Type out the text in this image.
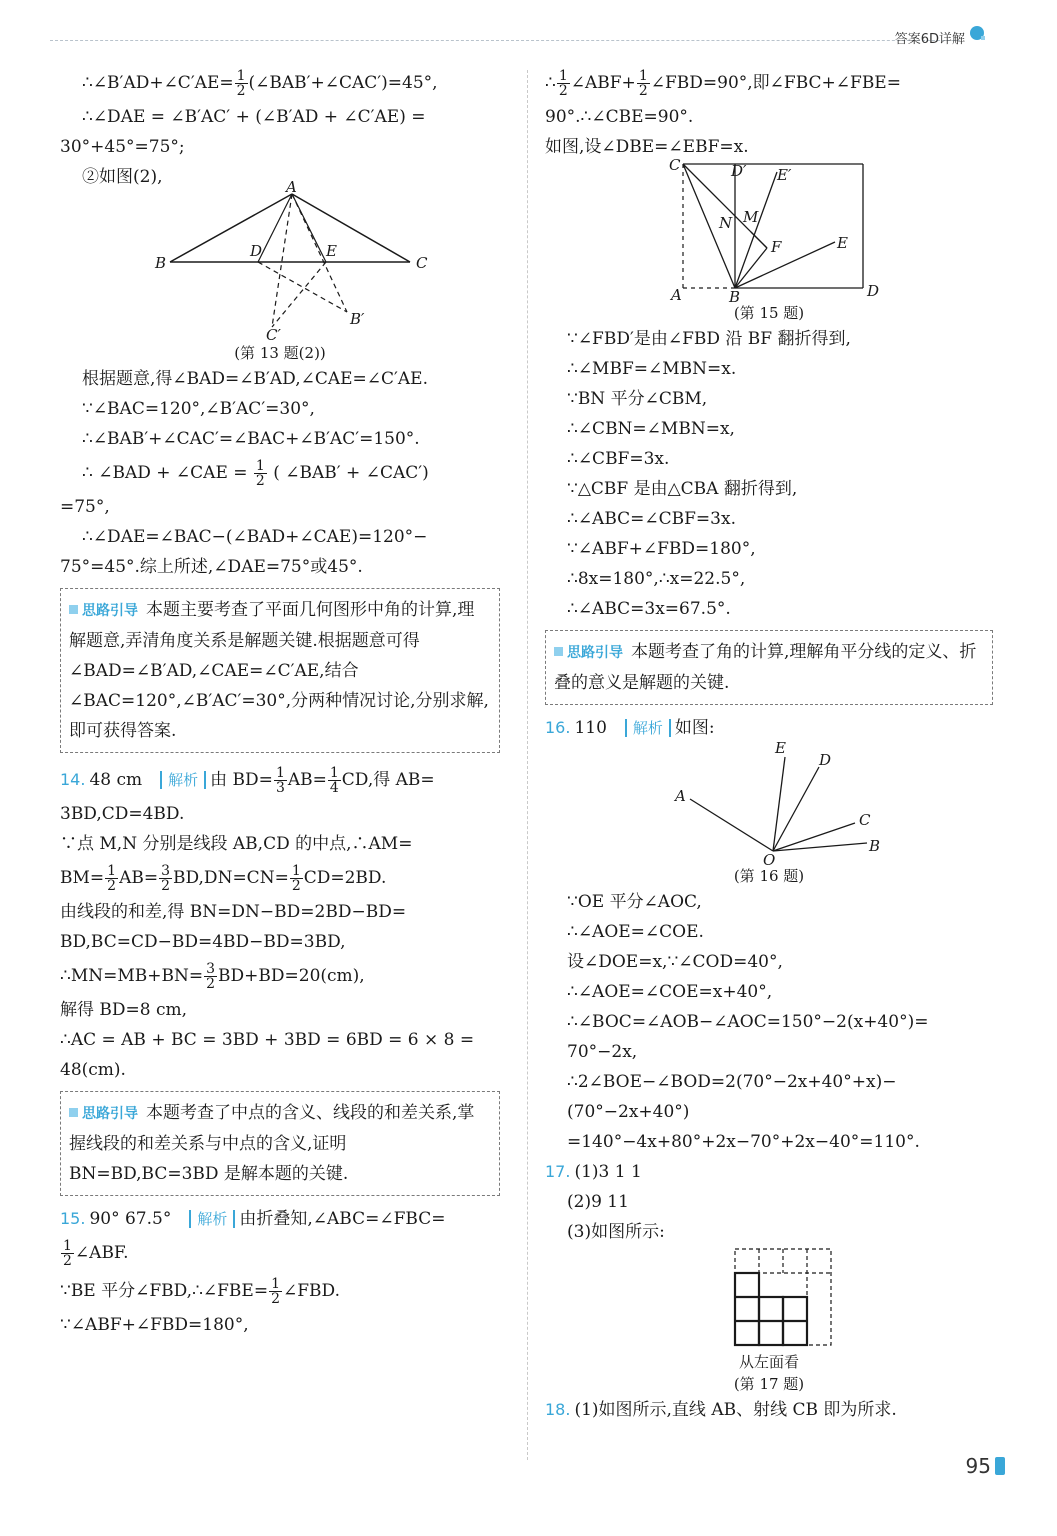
答案6D详解
∴∠B′AD+∠C′AE= $\frac{1}{2}$ (∠BAB′+∠CAC′)=45°,
∴∠DAE = ∠B′AC′ + (∠B′AD + ∠C′AE) =
30°+45°=75°;
②如图(2),	A
B	C
D	E
B′
C′
(第 13 题(2))
根据题意,得∠BAD=∠B′AD,∠CAE=∠C′AE.
∵∠BAC=120°,∠B′AC′=30°,
∴∠BAB′+∠CAC′=∠BAC+∠B′AC′=150°.
∴ ∠BAD + ∠CAE = $\frac{1}{2}$ ( ∠BAB′ + ∠CAC′)
=75°,
∴∠DAE=∠BAC−(∠BAD+∠CAE)=120°−
75°=45°.综上所述,∠DAE=75°或45°.
思路引导 本题主要考查了平面几何图形中角的计算,理解题意,弄清角度关系是解题关键.根据题意可得∠BAD=∠B′AD,∠CAE=∠C′AE,结合∠BAC=120°,∠B′AC′=30°,分两种情况讨论,分别求解,即可获得答案.
14. 48 cm 解析 由 $BD= \frac{1}{3} AB= \frac{1}{4}$ CD,得 AB=
3BD,CD=4BD.
∵点 M,N 分别是线段 AB,CD 的中点,∴AM=
$BM= \frac{1}{2} AB= \frac{3}{2} BD,DN=CN= \frac{1}{2} CD=2BD$.
由线段的和差,得 BN=DN−BD=2BD−BD=
BD,BC=CD−BD=4BD−BD=3BD,
∴MN=MB+BN= $\frac{3}{2} BD+BD=20(cm)$,
解得 BD=8 cm,
∴AC = AB + BC = 3BD + 3BD = 6BD = 6 × 8 =
48(cm).
思路引导 本题考查了中点的含义、线段的和差关系,掌握线段的和差关系与中点的含义,证明 BN=BD,BC=3BD 是解本题的关键.
15. 90° 67.5° 解析 由折叠知,∠ABC=∠FBC=
$\frac{1}{2}$ ∠ABF.
∵BE 平分∠FBD,∴∠FBE= $\frac{1}{2}$ ∠FBD.
∵∠ABF+∠FBD=180°,
∴ $\frac{1}{2}$ ∠ABF+ $\frac{1}{2}$ ∠FBD=90°,即∠FBC+∠FBE=
90°.∴∠CBE=90°.
如图,设∠DBE=∠EBF=x.
C	D′ E′
N M
F	E
A	B	D
(第 15 题)
∵∠FBD′是由∠FBD 沿 BF 翻折得到,
∴∠MBF=∠MBN=x.
∵BN 平分∠CBM,
∴∠CBN=∠MBN=x,
∴∠CBF=3x.
∵△CBF 是由△CBA 翻折得到,
∴∠ABC=∠CBF=3x.
∵∠ABF+∠FBD=180°,
∴8x=180°,∴x=22.5°,
∴∠ABC=3x=67.5°.
思路引导 本题考查了角的计算,理解角平分线的定义、折叠的意义是解题的关键.
16. 110 解析 如图:
A
E
D
C
B
O
(第 16 题)
∵OE 平分∠AOC,
∴∠AOE=∠COE.
设∠DOE=x,∵∠COD=40°,
∴∠AOE=∠COE=x+40°,
∴∠BOC=∠AOB−∠AOC=150°−2(x+40°)=
70°−2x,
∴2∠BOE−∠BOD=2(70°−2x+40°+x)−
(70°−2x+40°)
=140°−4x+80°+2x−70°+2x−40°=110°.
17. (1)3 1 1
(2)9 11
(3)如图所示:
从左面看
(第 17 题)
18. (1)如图所示,直线 AB、射线 CB 即为所求.
95
